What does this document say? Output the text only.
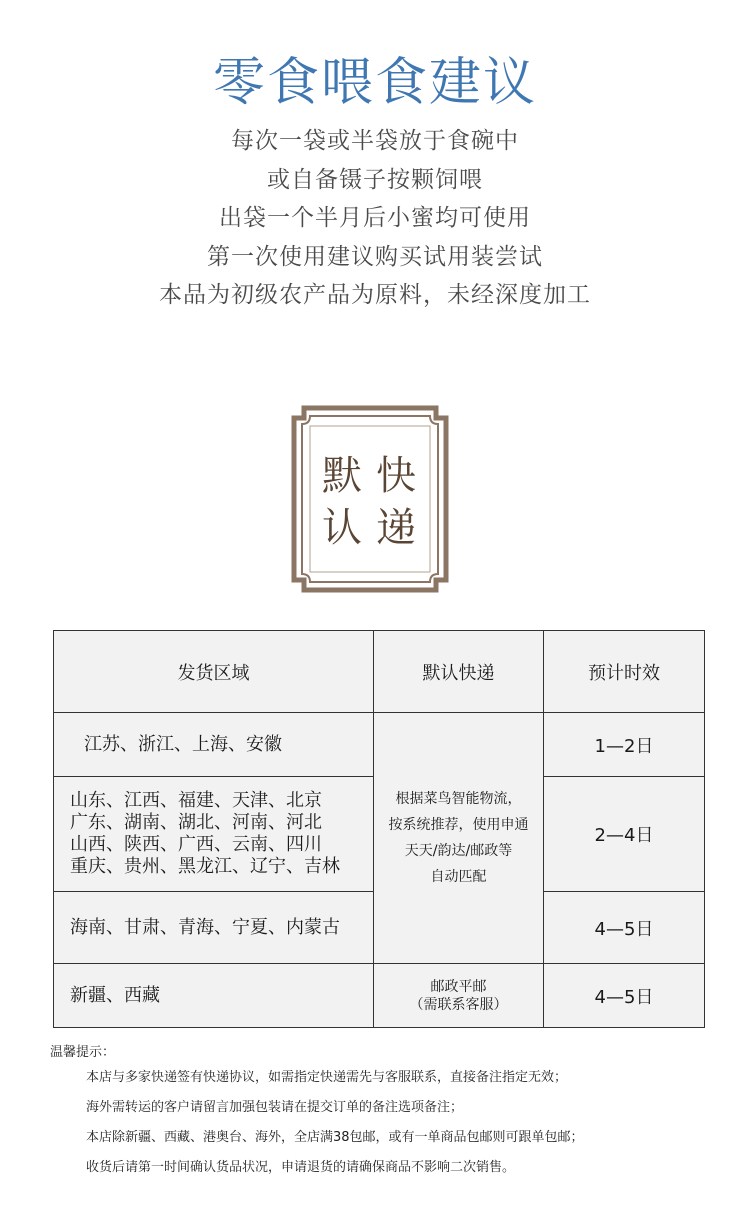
零食喂食建议
每次一袋或半袋放于食碗中
或自备镊子按颗饲喂
出袋一个半月后小蜜均可使用
第一次使用建议购买试用装尝试
本品为初级农产品为原料，未经深度加工
默 快
认 递
发货区域	默认快递	预计时效

江苏、浙江、上海、安徽	根据菜鸟智能物流，
按系统推荐，使用申通
天天/韵达/邮政等
自动匹配	1—2日

山东、江西、福建、天津、北京
广东、湖南、湖北、河南、河北
山西、陕西、广西、云南、四川
重庆、贵州、黑龙江、辽宁、吉林		2—4日

海南、甘肃、青海、宁夏、内蒙古		4—5日

新疆、西藏	邮政平邮
（需联系客服）	4—5日
温馨提示：
本店与多家快递签有快递协议，如需指定快递需先与客服联系，直接备注指定无效；
海外需转运的客户请留言加强包装请在提交订单的备注选项备注；
本店除新疆、西藏、港奥台、海外，全店满38包邮，或有一单商品包邮则可跟单包邮；
收货后请第一时间确认货品状况，申请退货的请确保商品不影响二次销售。
